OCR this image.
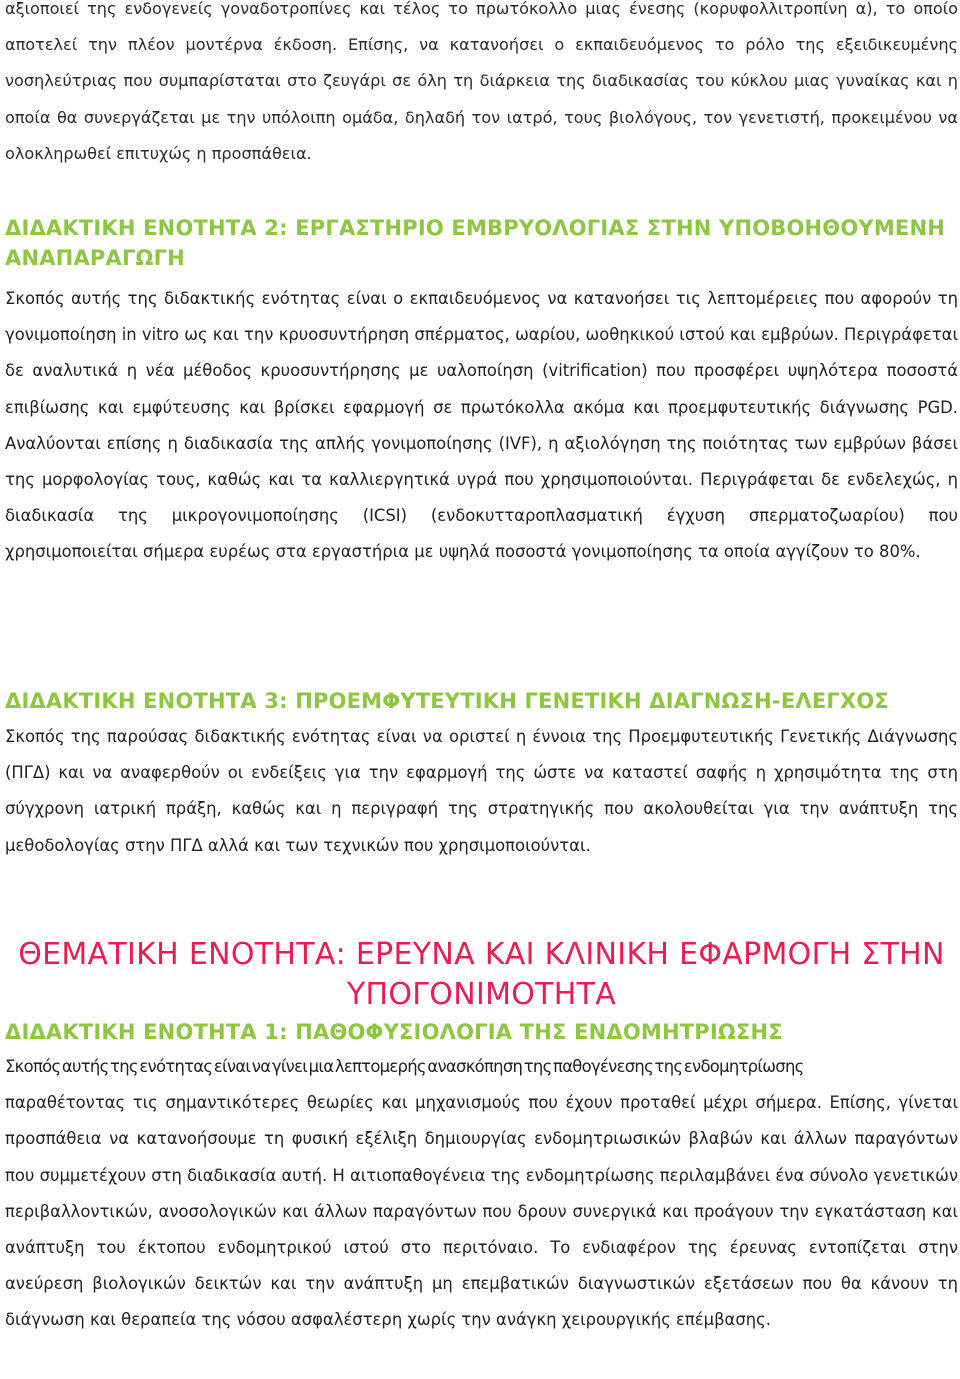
αξιοποιεί της ενδογενείς γοναδοτροπίνες και τέλος το πρωτόκολλο μιας ένεσης (κορυφολλιτροπίνη α), το οποίο αποτελεί την πλέον μοντέρνα έκδοση. Επίσης, να κατανοήσει ο εκπαιδευόμενος το ρόλο της εξειδικευμένης νοσηλεύτριας που συμπαρίσταται στο ζευγάρι σε όλη τη διάρκεια της διαδικασίας του κύκλου μιας γυναίκας και η οποία θα συνεργάζεται με την υπόλοιπη ομάδα, δηλαδή τον ιατρό, τους βιολόγους, τον γενετιστή, προκειμένου να ολοκληρωθεί επιτυχώς η προσπάθεια.

ΔΙΔΑΚΤΙΚΗ ΕΝΟΤΗΤΑ 2: ΕΡΓΑΣΤΗΡΙΟ ΕΜΒΡΥΟΛΟΓΙΑΣ ΣΤΗΝ ΥΠΟΒΟΗΘΟΥΜΕΝΗ ΑΝΑΠΑΡΑΓΩΓΗ

Σκοπός αυτής της διδακτικής ενότητας είναι ο εκπαιδευόμενος να κατανοήσει τις λεπτομέρειες που αφορούν τη γονιμοποίηση in vitro ως και την κρυοσυντήρηση σπέρματος, ωαρίου, ωοθηκικού ιστού και εμβρύων. Περιγράφεται δε αναλυτικά η νέα μέθοδος κρυοσυντήρησης με υαλοποίηση (vitrification) που προσφέρει υψηλότερα ποσοστά επιβίωσης και εμφύτευσης και βρίσκει εφαρμογή σε πρωτόκολλα ακόμα και προεμφυτευτικής διάγνωσης PGD. Αναλύονται επίσης η διαδικασία της απλής γονιμοποίησης (IVF), η αξιολόγηση της ποιότητας των εμβρύων βάσει της μορφολογίας τους, καθώς και τα καλλιεργητικά υγρά που χρησιμοποιούνται. Περιγράφεται δε ενδελεχώς, η διαδικασία της μικρογονιμοποίησης (ICSI) (ενδοκυτταροπλασματική έγχυση σπερματοζωαρίου) που χρησιμοποιείται σήμερα ευρέως στα εργαστήρια με υψηλά ποσοστά γονιμοποίησης τα οποία αγγίζουν το 80%.

ΔΙΔΑΚΤΙΚΗ ΕΝΟΤΗΤΑ 3: ΠΡΟΕΜΦΥΤΕΥΤΙΚΗ ΓΕΝΕΤΙΚΗ ΔΙΑΓΝΩΣΗ-ΕΛΕΓΧΟΣ

Σκοπός της παρούσας διδακτικής ενότητας είναι να οριστεί η έννοια της Προεμφυτευτικής Γενετικής Διάγνωσης (ΠΓΔ) και να αναφερθούν οι ενδείξεις για την εφαρμογή της ώστε να καταστεί σαφής η χρησιμότητα της στη σύγχρονη ιατρική πράξη, καθώς και η περιγραφή της στρατηγικής που ακολουθείται για την ανάπτυξη της μεθοδολογίας στην ΠΓΔ αλλά και των τεχνικών που χρησιμοποιούνται.

ΘΕΜΑΤΙΚΗ ΕΝΟΤΗΤΑ: ΕΡΕΥΝΑ ΚΑΙ ΚΛΙΝΙΚΗ ΕΦΑΡΜΟΓΗ ΣΤΗΝ ΥΠΟΓΟΝΙΜΟΤΗΤΑ
ΔΙΔΑΚΤΙΚΗ ΕΝΟΤΗΤΑ 1: ΠΑΘΟΦΥΣΙΟΛΟΓΙΑ ΤΗΣ ΕΝΔΟΜΗΤΡΙΩΣΗΣ

Σκοπός αυτής της ενότητας είναι να γίνει μια λεπτομερής ανασκόπηση της παθογένεσης της ενδομητρίωσης
παραθέτοντας τις σημαντικότερες θεωρίες και μηχανισμούς που έχουν προταθεί μέχρι σήμερα. Επίσης, γίνεται προσπάθεια να κατανοήσουμε τη φυσική εξέλιξη δημιουργίας ενδομητριωσικών βλαβών και άλλων παραγόντων που συμμετέχουν στη διαδικασία αυτή. Η αιτιοπαθογένεια της ενδομητρίωσης περιλαμβάνει ένα σύνολο γενετικών περιβαλλοντικών, ανοσολογικών και άλλων παραγόντων που δρουν συνεργικά και προάγουν την εγκατάσταση και ανάπτυξη του έκτοπου ενδομητρικού ιστού στο περιτόναιο. Το ενδιαφέρον της έρευνας εντοπίζεται στην ανεύρεση βιολογικών δεικτών και την ανάπτυξη μη επεμβατικών διαγνωστικών εξετάσεων που θα κάνουν τη διάγνωση και θεραπεία της νόσου ασφαλέστερη χωρίς την ανάγκη χειρουργικής επέμβασης.
